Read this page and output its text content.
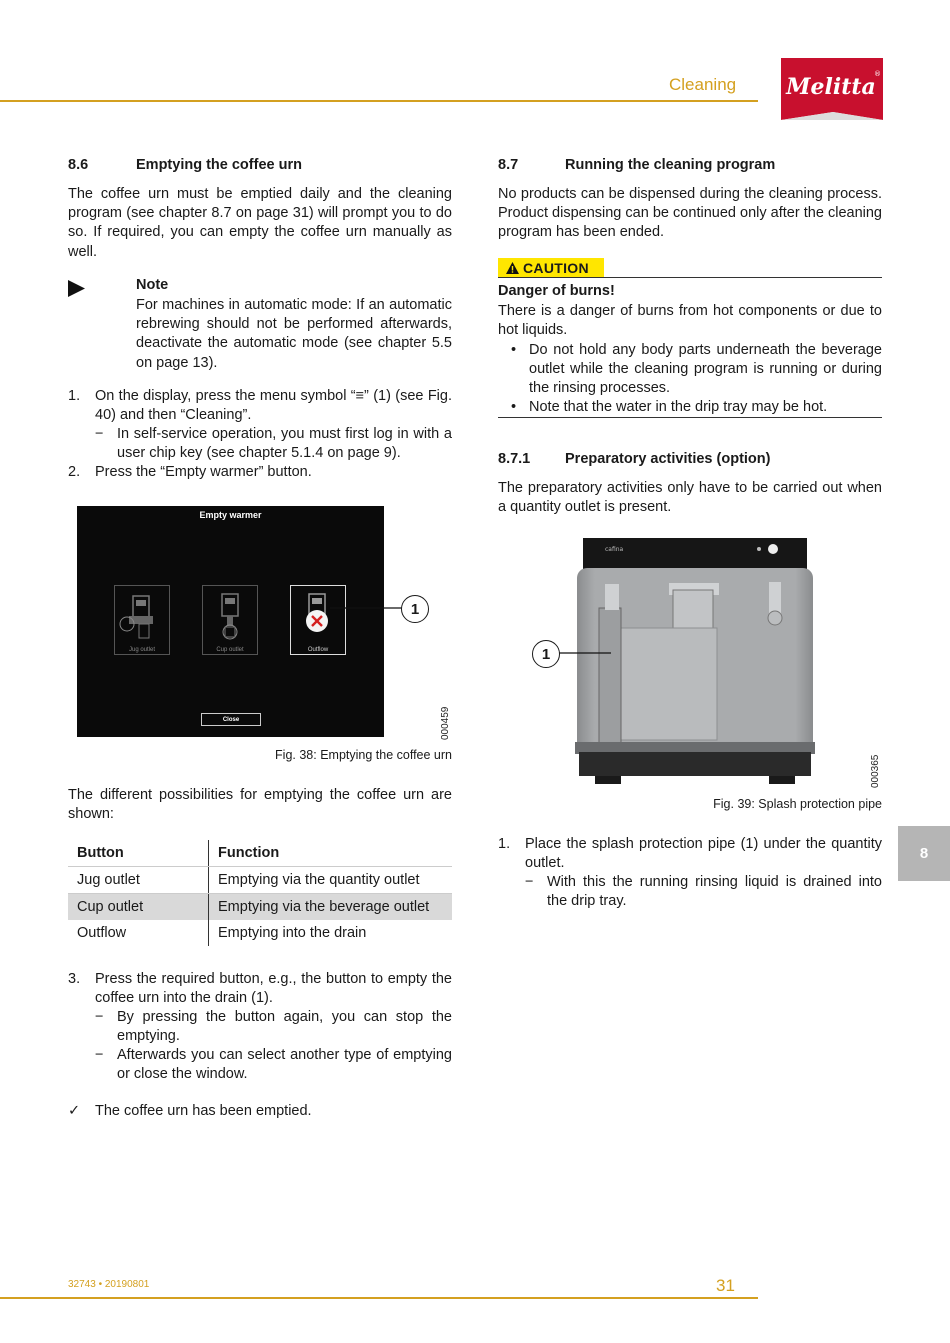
Cleaning Melitta
®
8.6	Emptying the coffee urn

The coffee urn must be emptied daily and the cleaning program (see chapter 8.7 on page 31) will prompt you to do so. If required, you can empty the coffee urn manually as well.

Note

For machines in automatic mode: If an automatic rebrewing should not be performed afterwards, deactivate the automatic mode (see chapter 5.5 on page 13).

1. On the display, press the menu symbol “≡” (1) (see Fig. 40) and then “Cleaning”.

− In self-service operation, you must first log in with a user chip key (see chapter 5.1.4 on page 9).

2. Press the “Empty warmer” button.

Empty warmer
Jug outlet	Cup outlet	Outflow
Close
1
000459
Fig. 38: Emptying the coffee urn

The different possibilities for emptying the coffee urn are shown:

Button	Function
Jug outlet	Emptying via the quantity outlet
Cup outlet	Emptying via the beverage outlet
Outflow	Emptying into the drain
3. Press the required button, e.g., the button to empty the coffee urn into the drain (1).

− By pressing the button again, you can stop the emptying.

− Afterwards you can select another type of emptying or close the window.

✓ The coffee urn has been emptied.

8.7	Running the cleaning program

No products can be dispensed during the cleaning process. Product dispensing can be continued only after the cleaning program has been ended.

CAUTION
Danger of burns!

There is a danger of burns from hot components or due to hot liquids.

• Do not hold any body parts underneath the beverage outlet while the cleaning program is running or during the rinsing processes.

• Note that the water in the drip tray may be hot.

8.7.1 Preparatory activities (option)

The preparatory activities only have to be carried out when a quantity outlet is present.

cafina
1
000365
Fig. 39: Splash protection pipe
1. Place the splash protection pipe (1) under the quantity outlet.

− With this the running rinsing liquid is drained into the drip tray.

8
32743 • 20190801	31
